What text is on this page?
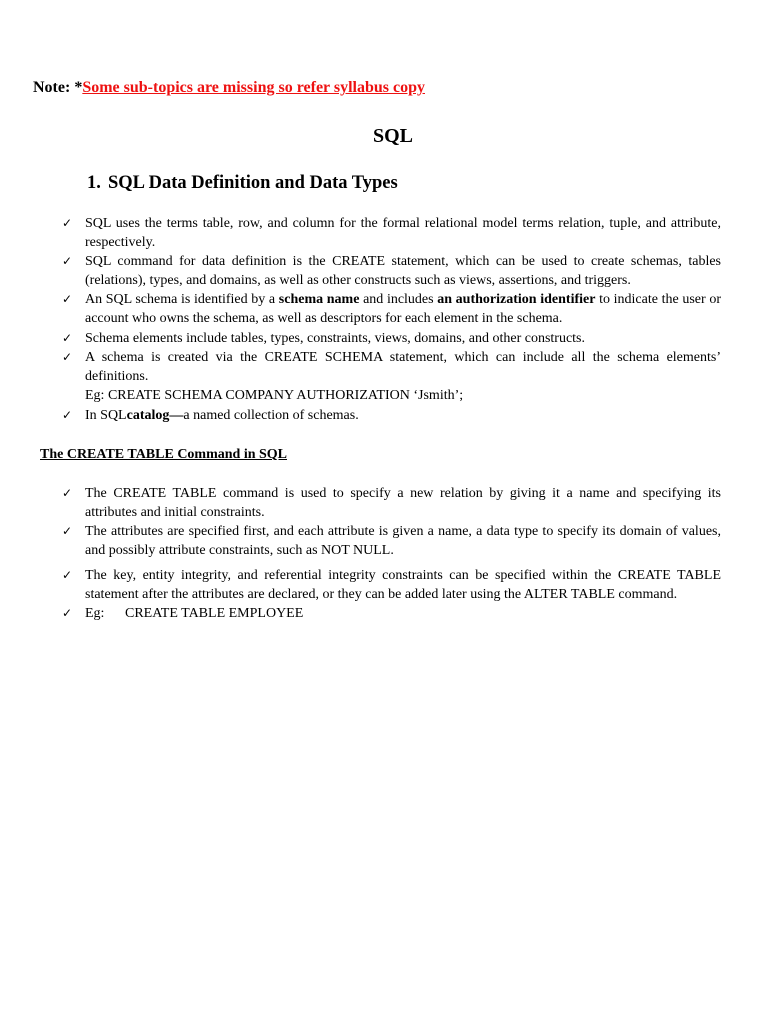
Note: *Some sub-topics are missing so refer syllabus copy
SQL
1. SQL Data Definition and Data Types
✓ SQL uses the terms table, row, and column for the formal relational model terms relation, tuple, and attribute, respectively.
✓ SQL command for data definition is the CREATE statement, which can be used to create schemas, tables (relations), types, and domains, as well as other constructs such as views, assertions, and triggers.
✓ An SQL schema is identified by a schema name and includes an authorization identifier to indicate the user or account who owns the schema, as well as descriptors for each element in the schema.
✓ Schema elements include tables, types, constraints, views, domains, and other constructs.
✓ A schema is created via the CREATE SCHEMA statement, which can include all the schema elements’ definitions.
Eg: CREATE SCHEMA COMPANY AUTHORIZATION ‘Jsmith’;
✓ In SQLcatalog—a named collection of schemas.
The CREATE TABLE Command in SQL
✓ The CREATE TABLE command is used to specify a new relation by giving it a name and specifying its attributes and initial constraints.
✓ The attributes are specified first, and each attribute is given a name, a data type to specify its domain of values, and possibly attribute constraints, such as NOT NULL.
✓ The key, entity integrity, and referential integrity constraints can be specified within the CREATE TABLE statement after the attributes are declared, or they can be added later using the ALTER TABLE command.
✓ Eg: CREATE TABLE EMPLOYEE
